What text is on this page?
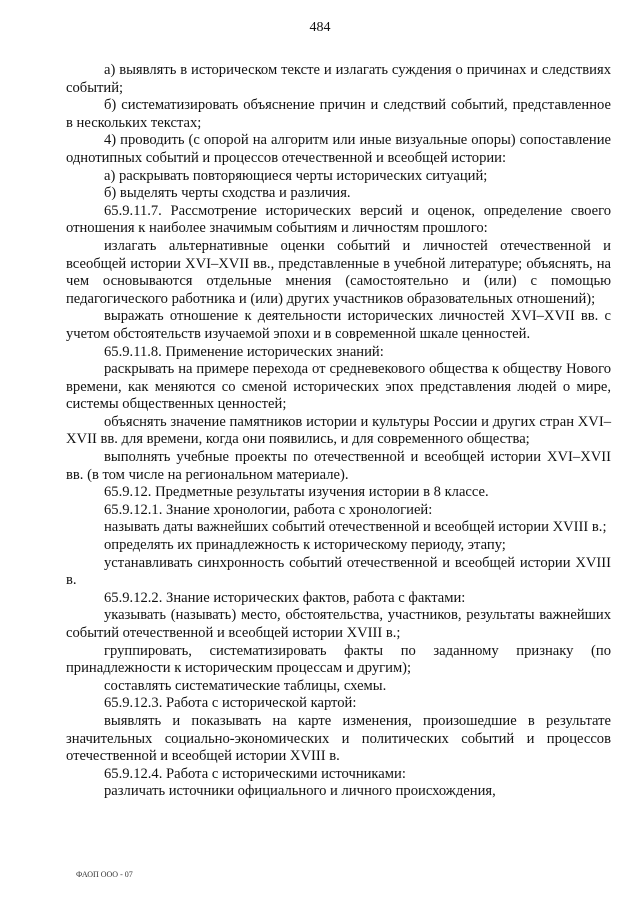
484

а) выявлять в историческом тексте и излагать суждения о причинах и следствиях событий;

б) систематизировать объяснение причин и следствий событий, представленное в нескольких текстах;

4) проводить (с опорой на алгоритм или иные визуальные опоры) сопоставление однотипных событий и процессов отечественной и всеобщей истории:

а) раскрывать повторяющиеся черты исторических ситуаций;

б) выделять черты сходства и различия.

65.9.11.7. Рассмотрение исторических версий и оценок, определение своего отношения к наиболее значимым событиям и личностям прошлого:

излагать альтернативные оценки событий и личностей отечественной и всеобщей истории XVI–XVII вв., представленные в учебной литературе; объяснять, на чем основываются отдельные мнения (самостоятельно и (или) с помощью педагогического работника и (или) других участников образовательных отношений);

выражать отношение к деятельности исторических личностей XVI–XVII вв. с учетом обстоятельств изучаемой эпохи и в современной шкале ценностей.

65.9.11.8. Применение исторических знаний:

раскрывать на примере перехода от средневекового общества к обществу Нового времени, как меняются со сменой исторических эпох представления людей о мире, системы общественных ценностей;

объяснять значение памятников истории и культуры России и других стран XVI–XVII вв. для времени, когда они появились, и для современного общества;

выполнять учебные проекты по отечественной и всеобщей истории XVI–XVII вв. (в том числе на региональном материале).

65.9.12. Предметные результаты изучения истории в 8 классе.

65.9.12.1. Знание хронологии, работа с хронологией:

называть даты важнейших событий отечественной и всеобщей истории XVIII в.;

определять их принадлежность к историческому периоду, этапу;

устанавливать синхронность событий отечественной и всеобщей истории XVIII в.

65.9.12.2. Знание исторических фактов, работа с фактами:

указывать (называть) место, обстоятельства, участников, результаты важнейших событий отечественной и всеобщей истории XVIII в.;

группировать, систематизировать факты по заданному признаку (по принадлежности к историческим процессам и другим);

составлять систематические таблицы, схемы.

65.9.12.3. Работа с исторической картой:

выявлять и показывать на карте изменения, произошедшие в результате значительных социально-экономических и политических событий и процессов отечественной и всеобщей истории XVIII в.

65.9.12.4. Работа с историческими источниками:

различать источники официального и личного происхождения,

ФАОП ООО - 07
